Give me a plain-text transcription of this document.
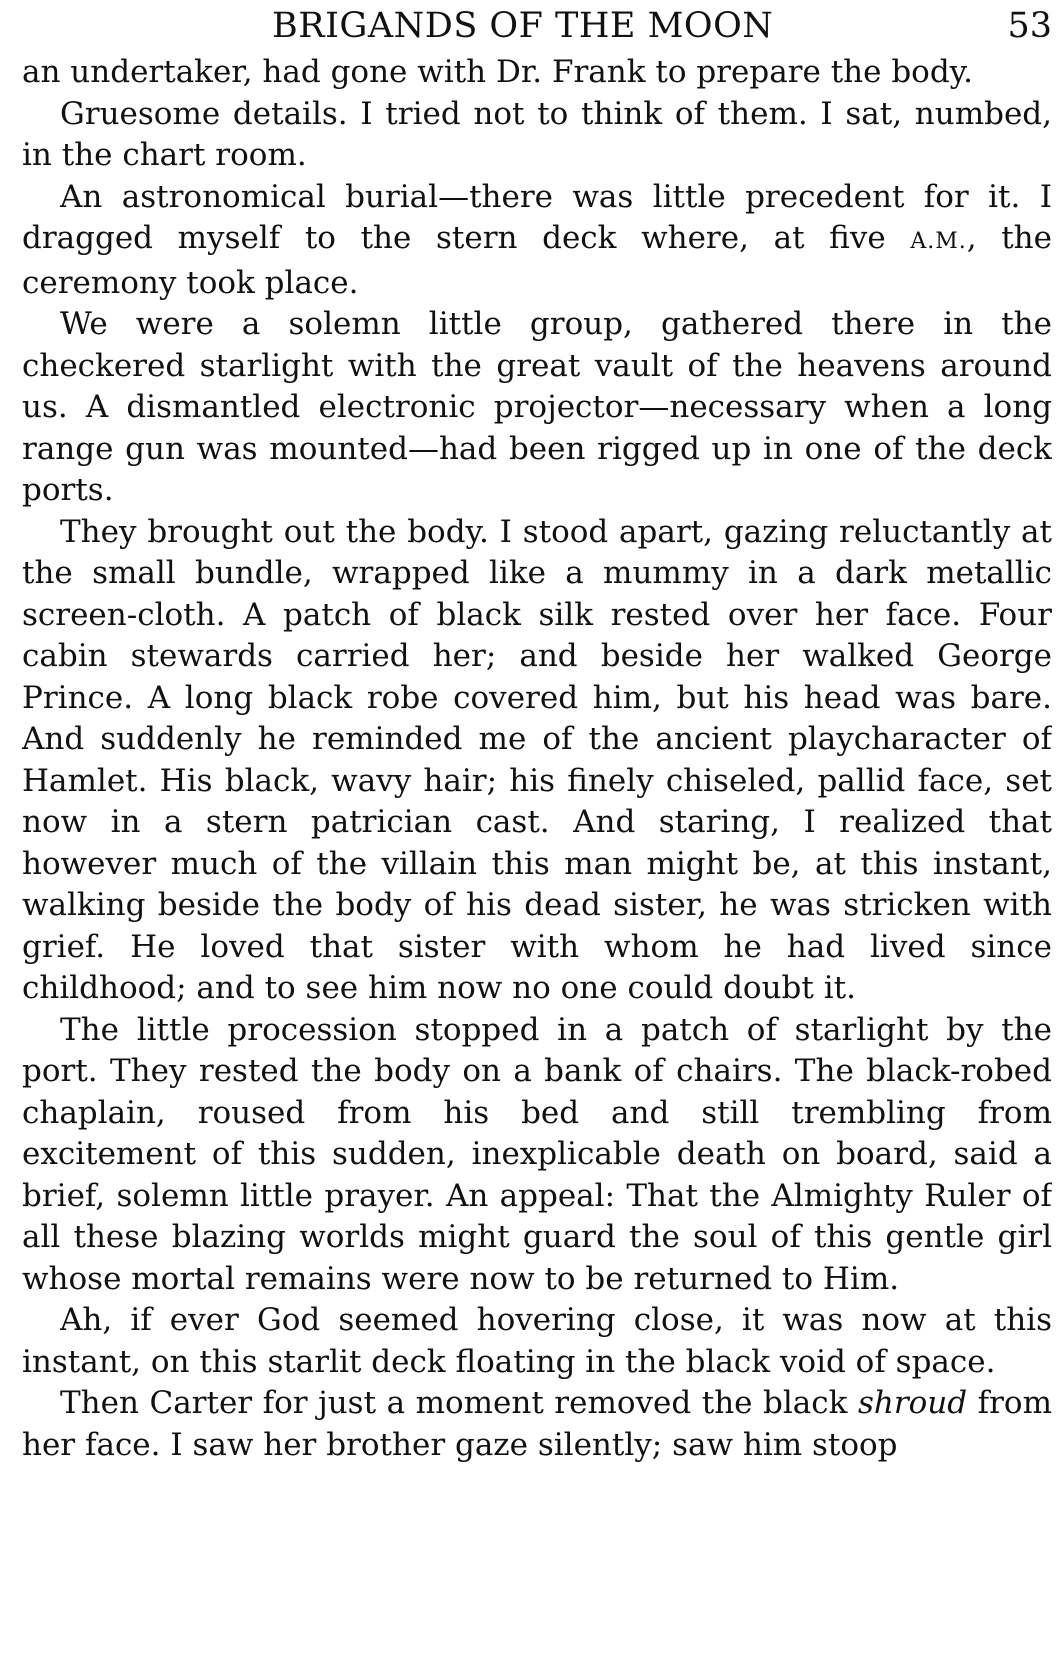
BRIGANDS OF THE MOON	53

an undertaker, had gone with Dr. Frank to prepare the body.

Gruesome details. I tried not to think of them. I sat, numbed, in the chart room.

An astronomical burial—there was little precedent for it. I dragged myself to the stern deck where, at five A.M., the ceremony took place.

We were a solemn little group, gathered there in the checkered starlight with the great vault of the heavens around us. A dismantled electronic projector—necessary when a long range gun was mounted—had been rigged up in one of the deck ports.

They brought out the body. I stood apart, gazing reluctantly at the small bundle, wrapped like a mummy in a dark metallic screen-cloth. A patch of black silk rested over her face. Four cabin stewards carried her; and beside her walked George Prince. A long black robe covered him, but his head was bare. And suddenly he reminded me of the ancient playcharacter of Hamlet. His black, wavy hair; his finely chiseled, pallid face, set now in a stern patrician cast. And staring, I realized that however much of the villain this man might be, at this instant, walking beside the body of his dead sister, he was stricken with grief. He loved that sister with whom he had lived since childhood; and to see him now no one could doubt it.

The little procession stopped in a patch of starlight by the port. They rested the body on a bank of chairs. The black-robed chaplain, roused from his bed and still trembling from excitement of this sudden, inexplicable death on board, said a brief, solemn little prayer. An appeal: That the Almighty Ruler of all these blazing worlds might guard the soul of this gentle girl whose mortal remains were now to be returned to Him.

Ah, if ever God seemed hovering close, it was now at this instant, on this starlit deck floating in the black void of space.

Then Carter for just a moment removed the black shroud from her face. I saw her brother gaze silently; saw him stoop
